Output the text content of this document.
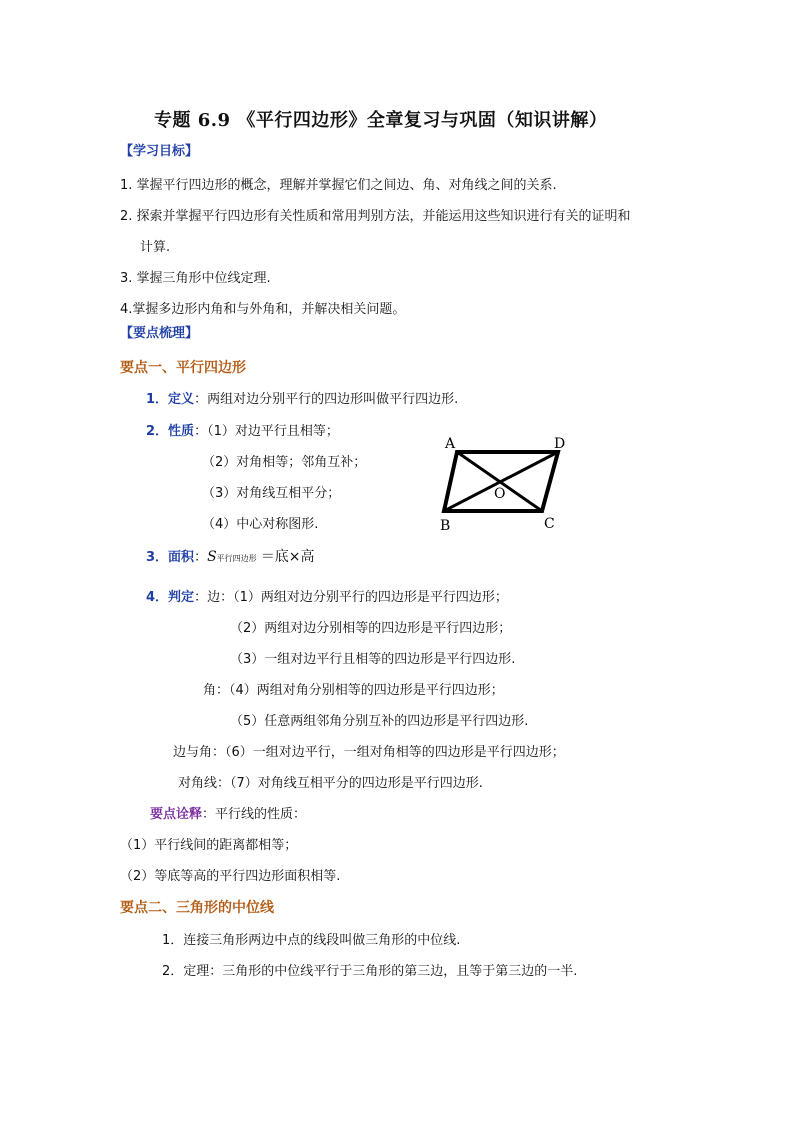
专题 6.9 《平行四边形》全章复习与巩固（知识讲解）
【学习目标】
1. 掌握平行四边形的概念，理解并掌握它们之间边、角、对角线之间的关系.
2. 探索并掌握平行四边形有关性质和常用判别方法，并能运用这些知识进行有关的证明和
计算.
3. 掌握三角形中位线定理.
4.掌握多边形内角和与外角和，并解决相关问题。
【要点梳理】
要点一、平行四边形
1．定义：两组对边分别平行的四边形叫做平行四边形.
2．性质：（1）对边平行且相等；
（2）对角相等；邻角互补；
（3）对角线互相平分；
（4）中心对称图形.
A	D
O
B	C
3．面积：S平行四边形 ＝底×高
4．判定：边：（1）两组对边分别平行的四边形是平行四边形；
（2）两组对边分别相等的四边形是平行四边形；
（3）一组对边平行且相等的四边形是平行四边形.
角：（4）两组对角分别相等的四边形是平行四边形；
（5）任意两组邻角分别互补的四边形是平行四边形.
边与角：（6）一组对边平行，一组对角相等的四边形是平行四边形；
对角线：（7）对角线互相平分的四边形是平行四边形.
要点诠释：平行线的性质：
（1）平行线间的距离都相等；
（2）等底等高的平行四边形面积相等.
要点二、三角形的中位线
1．连接三角形两边中点的线段叫做三角形的中位线.
2．定理：三角形的中位线平行于三角形的第三边，且等于第三边的一半.
